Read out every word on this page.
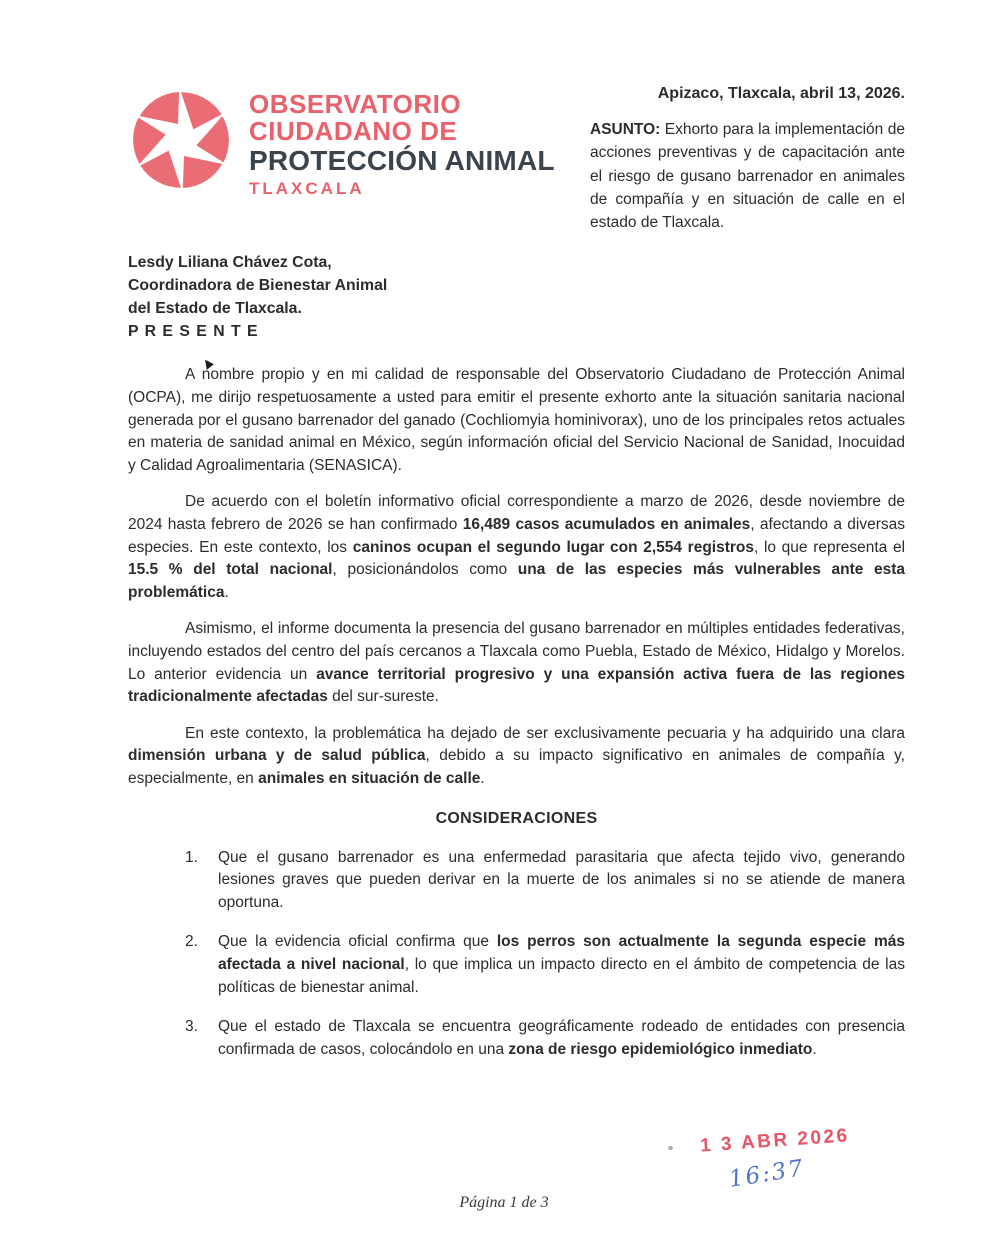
OBSERVATORIO
CIUDADANO DE
PROTECCIÓN ANIMAL
TLAXCALA
Apizaco, Tlaxcala, abril 13, 2026.

ASUNTO: Exhorto para la implementación de acciones preventivas y de capacitación ante el riesgo de gusano barrenador en animales de compañía y en situación de calle en el estado de Tlaxcala.

Lesdy Liliana Chávez Cota,
Coordinadora de Bienestar Animal
del Estado de Tlaxcala.
P R E S E N T E

A nombre propio y en mi calidad de responsable del Observatorio Ciudadano de Protección Animal (OCPA), me dirijo respetuosamente a usted para emitir el presente exhorto ante la situación sanitaria nacional generada por el gusano barrenador del ganado (Cochliomyia hominivorax), uno de los principales retos actuales en materia de sanidad animal en México, según información oficial del Servicio Nacional de Sanidad, Inocuidad y Calidad Agroalimentaria (SENASICA).

De acuerdo con el boletín informativo oficial correspondiente a marzo de 2026, desde noviembre de 2024 hasta febrero de 2026 se han confirmado 16,489 casos acumulados en animales, afectando a diversas especies. En este contexto, los caninos ocupan el segundo lugar con 2,554 registros, lo que representa el 15.5 % del total nacional, posicionándolos como una de las especies más vulnerables ante esta problemática.

Asimismo, el informe documenta la presencia del gusano barrenador en múltiples entidades federativas, incluyendo estados del centro del país cercanos a Tlaxcala como Puebla, Estado de México, Hidalgo y Morelos. Lo anterior evidencia un avance territorial progresivo y una expansión activa fuera de las regiones tradicionalmente afectadas del sur-sureste.

En este contexto, la problemática ha dejado de ser exclusivamente pecuaria y ha adquirido una clara dimensión urbana y de salud pública, debido a su impacto significativo en animales de compañía y, especialmente, en animales en situación de calle.

CONSIDERACIONES
1.	Que el gusano barrenador es una enfermedad parasitaria que afecta tejido vivo, generando lesiones graves que pueden derivar en la muerte de los animales si no se atiende de manera oportuna.
2.	Que la evidencia oficial confirma que los perros son actualmente la segunda especie más afectada a nivel nacional, lo que implica un impacto directo en el ámbito de competencia de las políticas de bienestar animal.
3.	Que el estado de Tlaxcala se encuentra geográficamente rodeado de entidades con presencia confirmada de casos, colocándolo en una zona de riesgo epidemiológico inmediato.
1 3 ABR 2026
16:37
Página 1 de 3
